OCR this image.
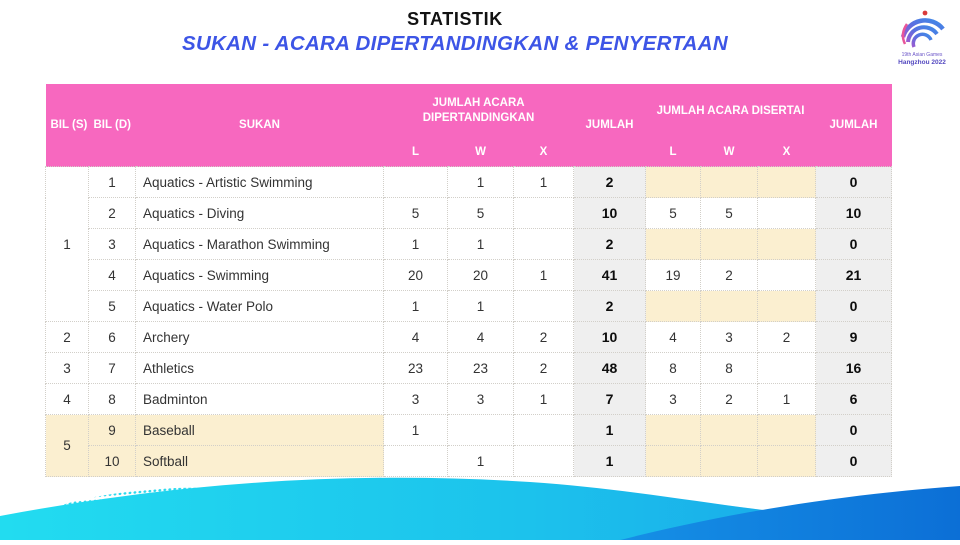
STATISTIK
SUKAN - ACARA DIPERTANDINGKAN & PENYERTAAN	19th Asian Games
Hangzhou 2022
BIL (S)	BIL (D)	SUKAN	JUMLAH ACARA DIPERTANDINGKAN			JUMLAH	JUMLAH ACARA DISERTAI			JUMLAH
			L	W	X		L	W	X	
1	1	Aquatics - Artistic Swimming		1	1	2				0
	2	Aquatics - Diving	5	5		10	5	5		10
	3	Aquatics - Marathon Swimming	1	1		2				0
	4	Aquatics - Swimming	20	20	1	41	19	2		21
	5	Aquatics - Water Polo	1	1		2				0
2	6	Archery	4	4	2	10	4	3	2	9
3	7	Athletics	23	23	2	48	8	8		16
4	8	Badminton	3	3	1	7	3	2	1	6
5	9	Baseball	1			1				0
	10	Softball		1		1				0
